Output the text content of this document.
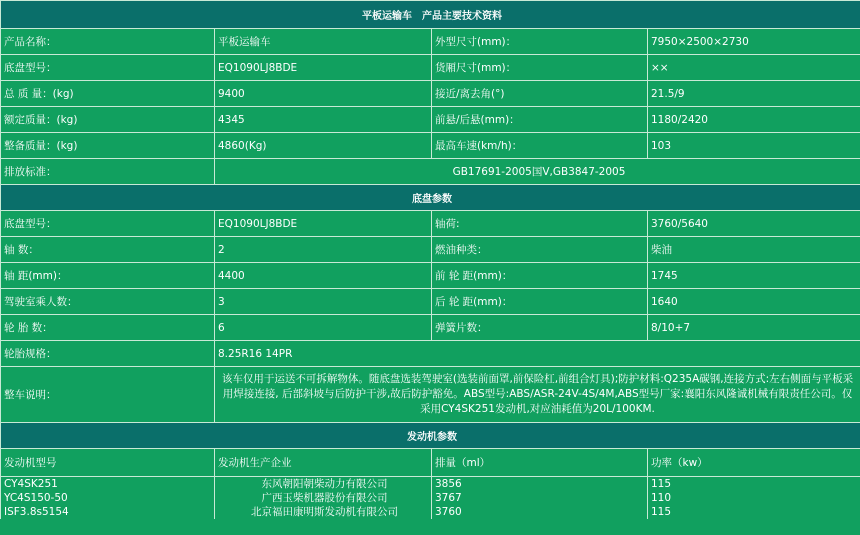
平板运输车　产品主要技术资料			
产品名称：	平板运输车	外型尺寸(mm)：	7950×2500×2730
底盘型号：	EQ1090LJ8BDE	货厢尺寸(mm)：	××
总 质 量：(kg)	9400	接近/离去角(°)	21.5/9
额定质量：(kg)	4345	前悬/后悬(mm)：	1180/2420
整备质量：(kg)	4860(Kg)	最高车速(km/h)：	103
排放标准：	GB17691-2005国V,GB3847-2005		
底盘参数			
底盘型号：	EQ1090LJ8BDE	轴荷:	3760/5640
轴 数：	2	燃油种类：	柴油
轴 距(mm)：	4400	前 轮 距(mm)：	1745
驾驶室乘人数：	3	后 轮 距(mm)：	1640
轮 胎 数：	6	弹簧片数：	8/10+7
轮胎规格：	8.25R16 14PR		
整车说明：	该车仅用于运送不可拆解物体。随底盘选装驾驶室(选装前面罩,前保险杠,前组合灯具);防护材料:Q235A碳钢,连接方式:左右侧面与平板采用焊接连接, 后部斜坡与后防护干涉,故后防护豁免。ABS型号:ABS/ASR-24V-4S/4M,ABS型号厂家:襄阳东风隆诚机械有限责任公司。仅采用CY4SK251发动机,对应油耗值为20L/100KM.		
发动机参数			
发动机型号	发动机生产企业	排量（ml）	功率（kw）
CY4SK251	东风朝阳朝柴动力有限公司	3856	115
YC4S150-50	广西玉柴机器股份有限公司	3767	110
ISF3.8s5154	北京福田康明斯发动机有限公司	3760	115
